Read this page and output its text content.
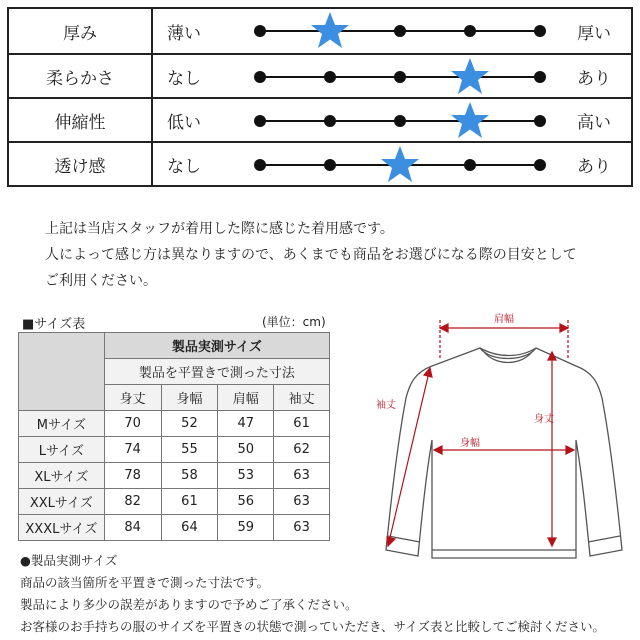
厚み	薄い	厚い
柔らかさ	なし	あり
伸縮性	低い	高い
透け感	なし	あり
上記は当店スタッフが着用した際に感じた着用感です。
人によって感じ方は異なりますので、あくまでも商品をお選びになる際の目安として
ご利用ください。
■サイズ表	(単位：cm)
	製品実測サイズ			
	製品を平置きで測った寸法			
	身丈	身幅	肩幅	袖丈
Mサイズ	70	52	47	61
Lサイズ	74	55	50	62
XLサイズ	78	58	53	63
XXLサイズ	82	61	56	63
XXXLサイズ	84	64	59	63
肩幅
袖丈
身丈
身幅
●製品実測サイズ
商品の該当箇所を平置きで測った寸法です。
製品により多少の誤差がありますので予めご了承ください。
お客様のお手持ちの服のサイズを平置きの状態で測っていただき、サイズ表と比較してご検討ください。
